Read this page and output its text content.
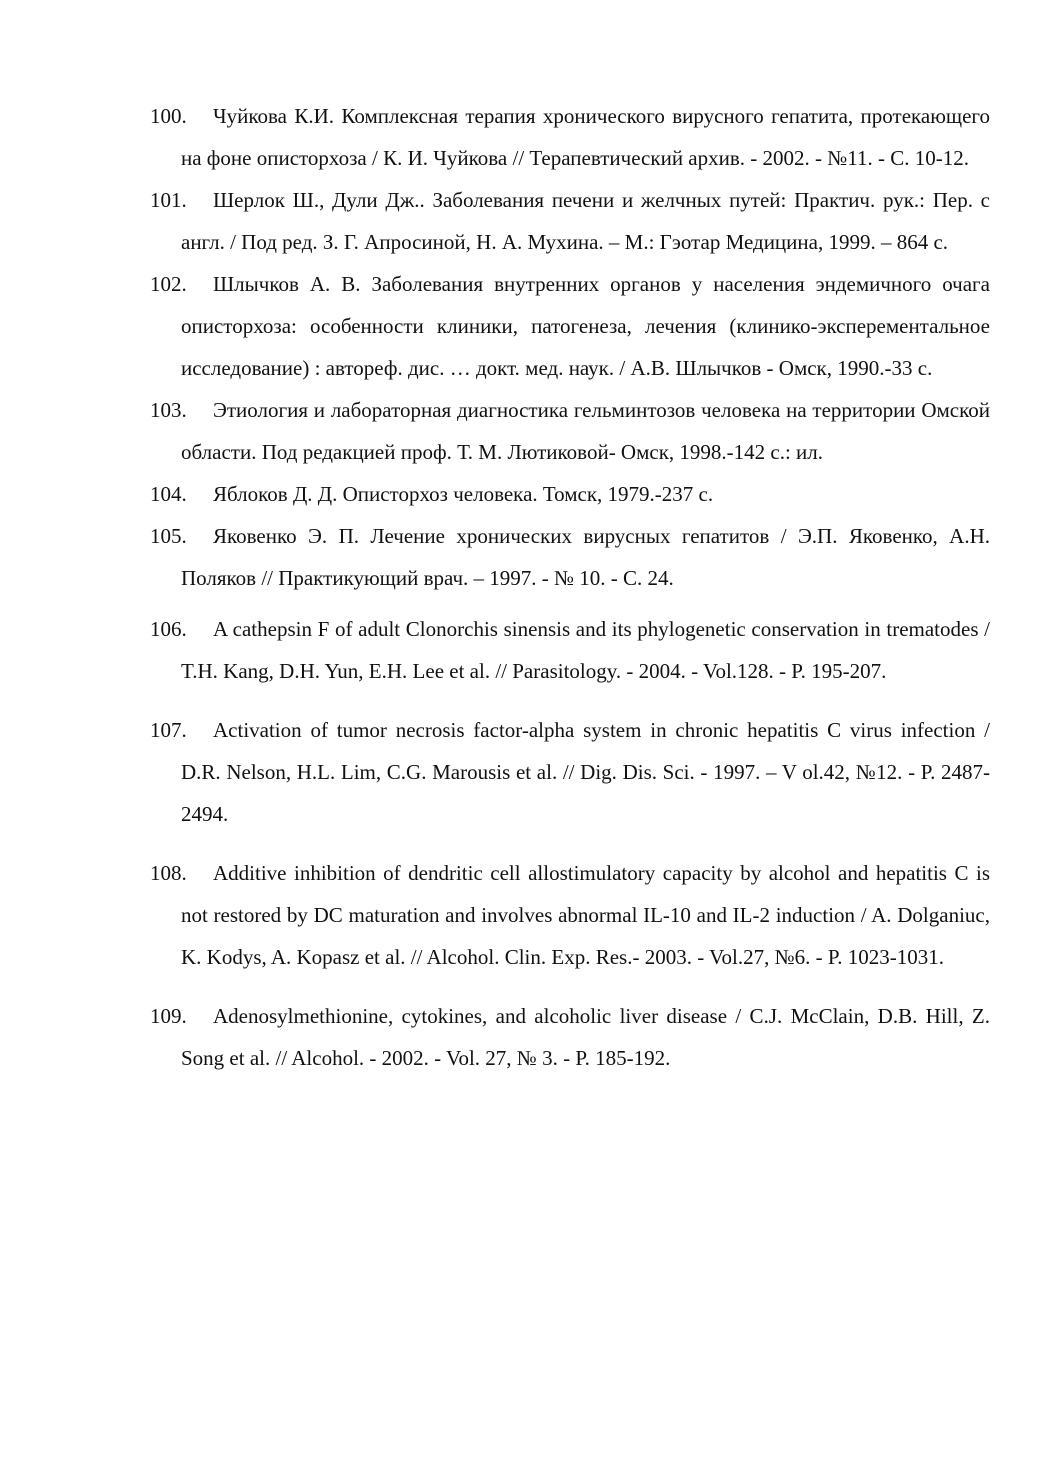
100.	Чуйкова К.И. Комплексная терапия хронического вирусного гепатита, протекающего на фоне описторхоза / К. И. Чуйкова // Терапевтический архив. - 2002. - №11. - С. 10-12.
101.	Шерлок Ш., Дули Дж.. Заболевания печени и желчных путей: Практич. рук.: Пер. с англ. / Под ред. З. Г. Апросиной, Н. А. Мухина. – М.: Гэотар Медицина, 1999. – 864 с.
102.	Шлычков А. В. Заболевания внутренних органов у населения эндемичного очага описторхоза: особенности клиники, патогенеза, лечения (клинико-эксперементальное исследование) : автореф. дис. … докт. мед. наук. / А.В. Шлычков - Омск, 1990.-33 с.
103.	Этиология и лабораторная диагностика гельминтозов человека на территории Омской области. Под редакцией проф. Т. М. Лютиковой- Омск, 1998.-142 с.: ил.
104.	Яблоков Д. Д. Описторхоз человека. Томск, 1979.-237 с.
105.	Яковенко Э. П. Лечение хронических вирусных гепатитов / Э.П. Яковенко, А.Н. Поляков // Практикующий врач. – 1997. - № 10. - С. 24.
106.	A cathepsin F of adult Clonorchis sinensis and its phylogenetic conservation in trematodes / T.H. Kang, D.H. Yun, E.H. Lee et al. // Parasitology. - 2004. - Vol.128. - P. 195-207.
107.	Activation of tumor necrosis factor-alpha system in chronic hepatitis C virus infection / D.R. Nelson, H.L. Lim, C.G. Marousis et al. // Dig. Dis. Sci. - 1997. – V ol.42, №12. - P. 2487-2494.
108.	Additive inhibition of dendritic cell allostimulatory capacity by alcohol and hepatitis C is not restored by DC maturation and involves abnormal IL-10 and IL-2 induction / A. Dolganiuc, K. Kodys, A. Kopasz et al. // Alcohol. Clin. Exp. Res.- 2003. - Vol.27, №6. - P. 1023-1031.
109.	Adenosylmethionine, cytokines, and alcoholic liver disease / C.J. McClain, D.B. Hill, Z. Song et al. // Alcohol. - 2002. - Vol. 27, № 3. - P. 185-192.
